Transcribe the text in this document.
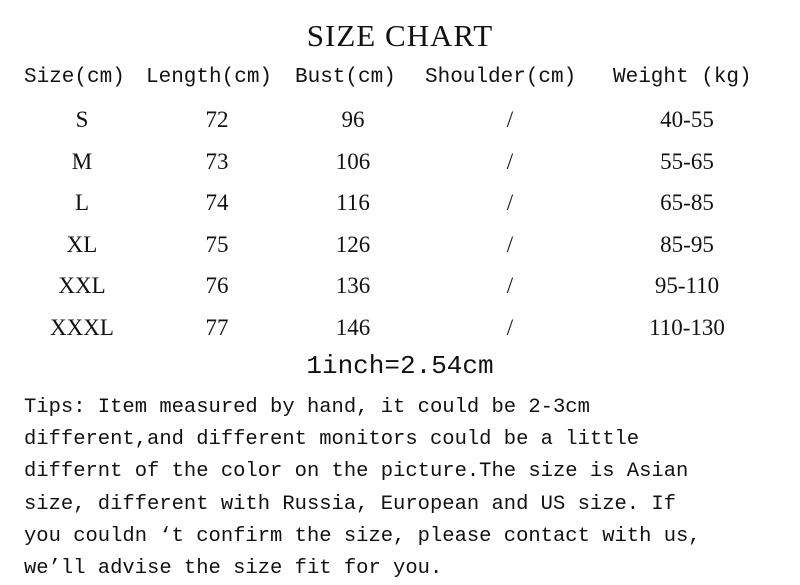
SIZE CHART
Size(cm) Length(cm) Bust(cm) Shoulder(cm) Weight (kg)
S	72	96	/	40-55
M	73	106	/	55-65
L	74	116	/	65-85
XL	75	126	/	85-95
XXL	76	136	/	95-110
XXXL	77	146	/	110-130
1inch=2.54cm
Tips: Item measured by hand, it could be 2-3cm
different,and different monitors could be a little
differnt of the color on the picture.The size is Asian
size, different with Russia, European and US size. If
you couldn ‘t confirm the size, please contact with us,
we’ll advise the size fit for you.
